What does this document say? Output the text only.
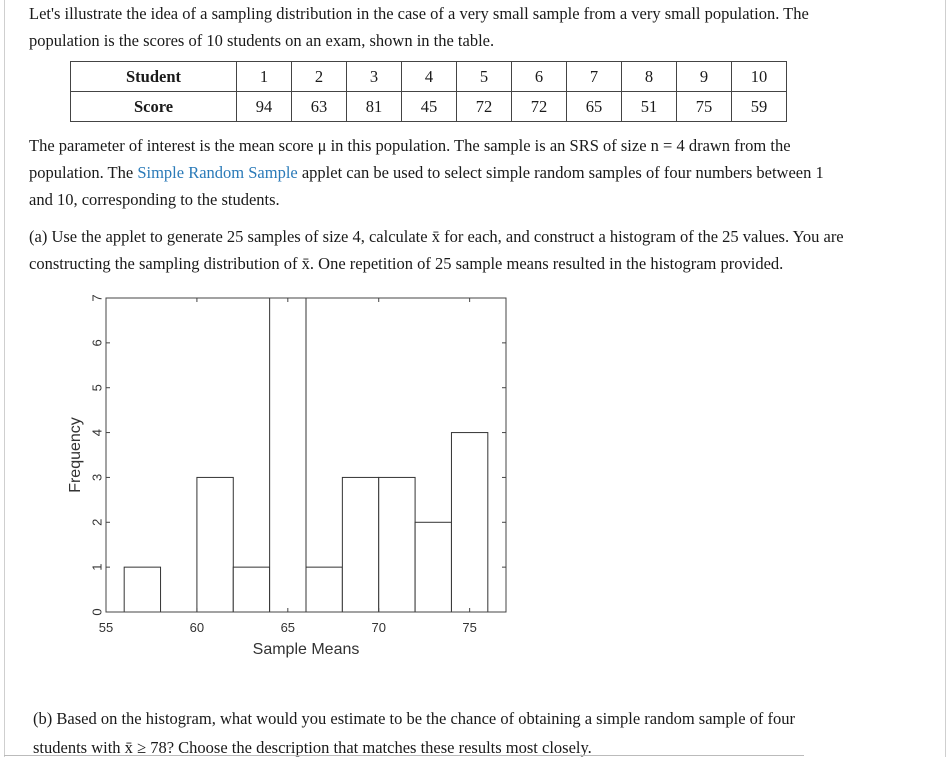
Let's illustrate the idea of a sampling distribution in the case of a very small sample from a very small population. The
population is the scores of 10 students on an exam, shown in the table.

Student	1	2	3	4	5	6	7	8	9	10
Score	94	63	81	45	72	72	65	51	75	59

The parameter of interest is the mean score μ in this population. The sample is an SRS of size n = 4 drawn from the
population. The Simple Random Sample applet can be used to select simple random samples of four numbers between 1
and 10, corresponding to the students.

(a) Use the applet to generate 25 samples of size 4, calculate x̄ for each, and construct a histogram of the 25 values. You are
constructing the sampling distribution of x̄. One repetition of 25 sample means resulted in the histogram provided.

55	60	65	70	75
0
1
2
3
4
5
6
7
Sample Means
Frequency

(b) Based on the histogram, what would you estimate to be the chance of obtaining a simple random sample of four
students with x̄ ≥ 78? Choose the description that matches these results most closely.
